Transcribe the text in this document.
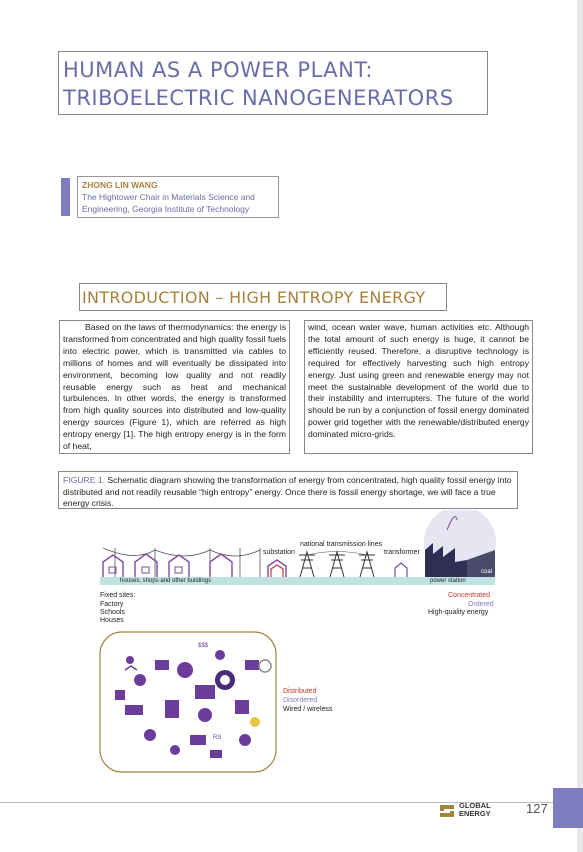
HUMAN AS A POWER PLANT:
TRIBOELECTRIC NANOGENERATORS
ZHONG LIN WANG
The Hightower Chair in Materials Science and
Engineering, Georgia Institute of Technology
INTRODUCTION – HIGH ENTROPY ENERGY
Based on the laws of thermodynamics: the energy is transformed from concentrated and high quality fossil fuels into electric power, which is transmitted via cables to millions of homes and will eventually be dissipated into environment, becoming low quality and not readily reusable energy such as heat and mechanical turbulences. In other words, the energy is transformed from high quality sources into distributed and low-quality energy sources (Figure 1), which are referred as high entropy energy [1]. The high entropy energy is in the form of heat,
wind, ocean water wave, human activities etc. Although the total amount of such energy is huge, it cannot be efficiently reused. Therefore, a disruptive technology is required for effectively harvesting such high entropy energy. Just using green and renewable energy may not meet the sustainable development of the world due to their instability and interrupters. The future of the world should be run by a conjunction of fossil energy dominated power grid together with the renewable/distributed energy dominated micro-grids.
FIGURE 1. Schematic diagram showing the transformation of energy from concentrated, high quality fossil energy into distributed and not readily reusable “high entropy” energy. Once there is fossil energy shortage, we will face a true energy crisis.
substation
national transmission lines
transformer
houses, shops and other buildings	power station
coal
Fixed sites:
Factory
Schools
Houses
Concentrated
Ordered
High-quality energy
Distributed
Disordered
Wired / wireless
$$$
RS
GLOBAL
ENERGY	127
